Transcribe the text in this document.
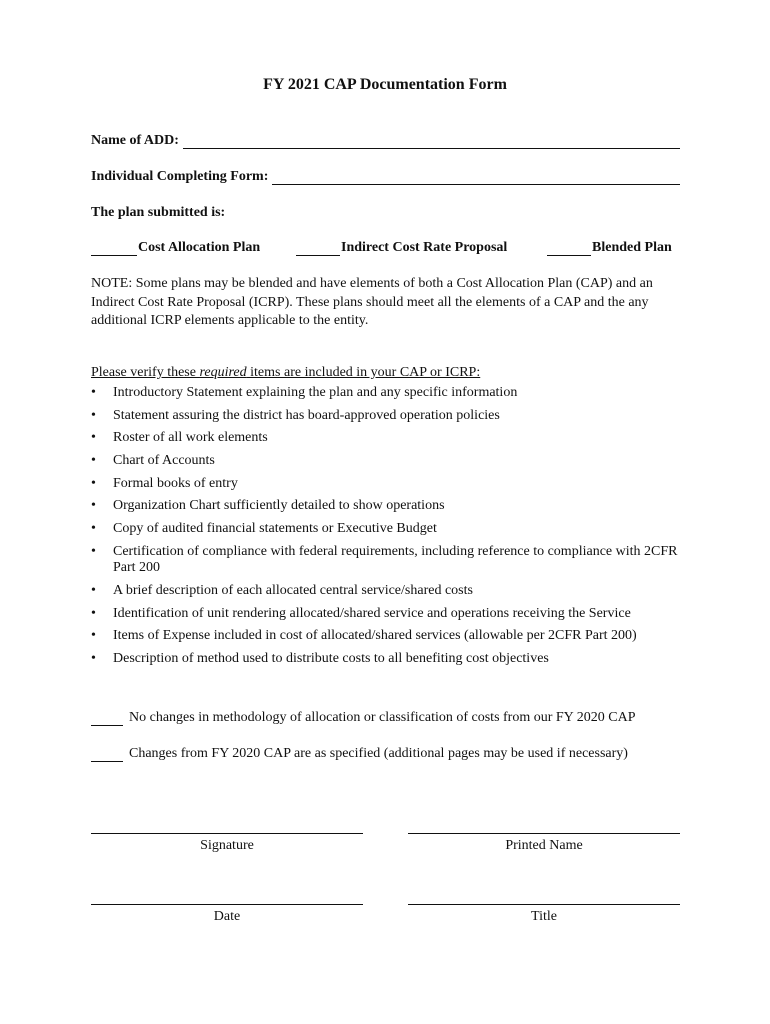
FY 2021 CAP Documentation Form
Name of ADD:
Individual Completing Form:
The plan submitted is:
Cost Allocation Plan	Indirect Cost Rate Proposal	Blended Plan
NOTE: Some plans may be blended and have elements of both a Cost Allocation Plan (CAP) and an Indirect Cost Rate Proposal (ICRP). These plans should meet all the elements of a CAP and the any additional ICRP elements applicable to the entity.
Please verify these required items are included in your CAP or ICRP:
• Introductory Statement explaining the plan and any specific information
• Statement assuring the district has board-approved operation policies
• Roster of all work elements
• Chart of Accounts
• Formal books of entry
• Organization Chart sufficiently detailed to show operations
• Copy of audited financial statements or Executive Budget
• Certification of compliance with federal requirements, including reference to compliance with 2CFR Part 200
• A brief description of each allocated central service/shared costs
• Identification of unit rendering allocated/shared service and operations receiving the Service
• Items of Expense included in cost of allocated/shared services (allowable per 2CFR Part 200)
• Description of method used to distribute costs to all benefiting cost objectives
No changes in methodology of allocation or classification of costs from our FY 2020 CAP
Changes from FY 2020 CAP are as specified (additional pages may be used if necessary)
Signature	Printed Name
Date	Title
